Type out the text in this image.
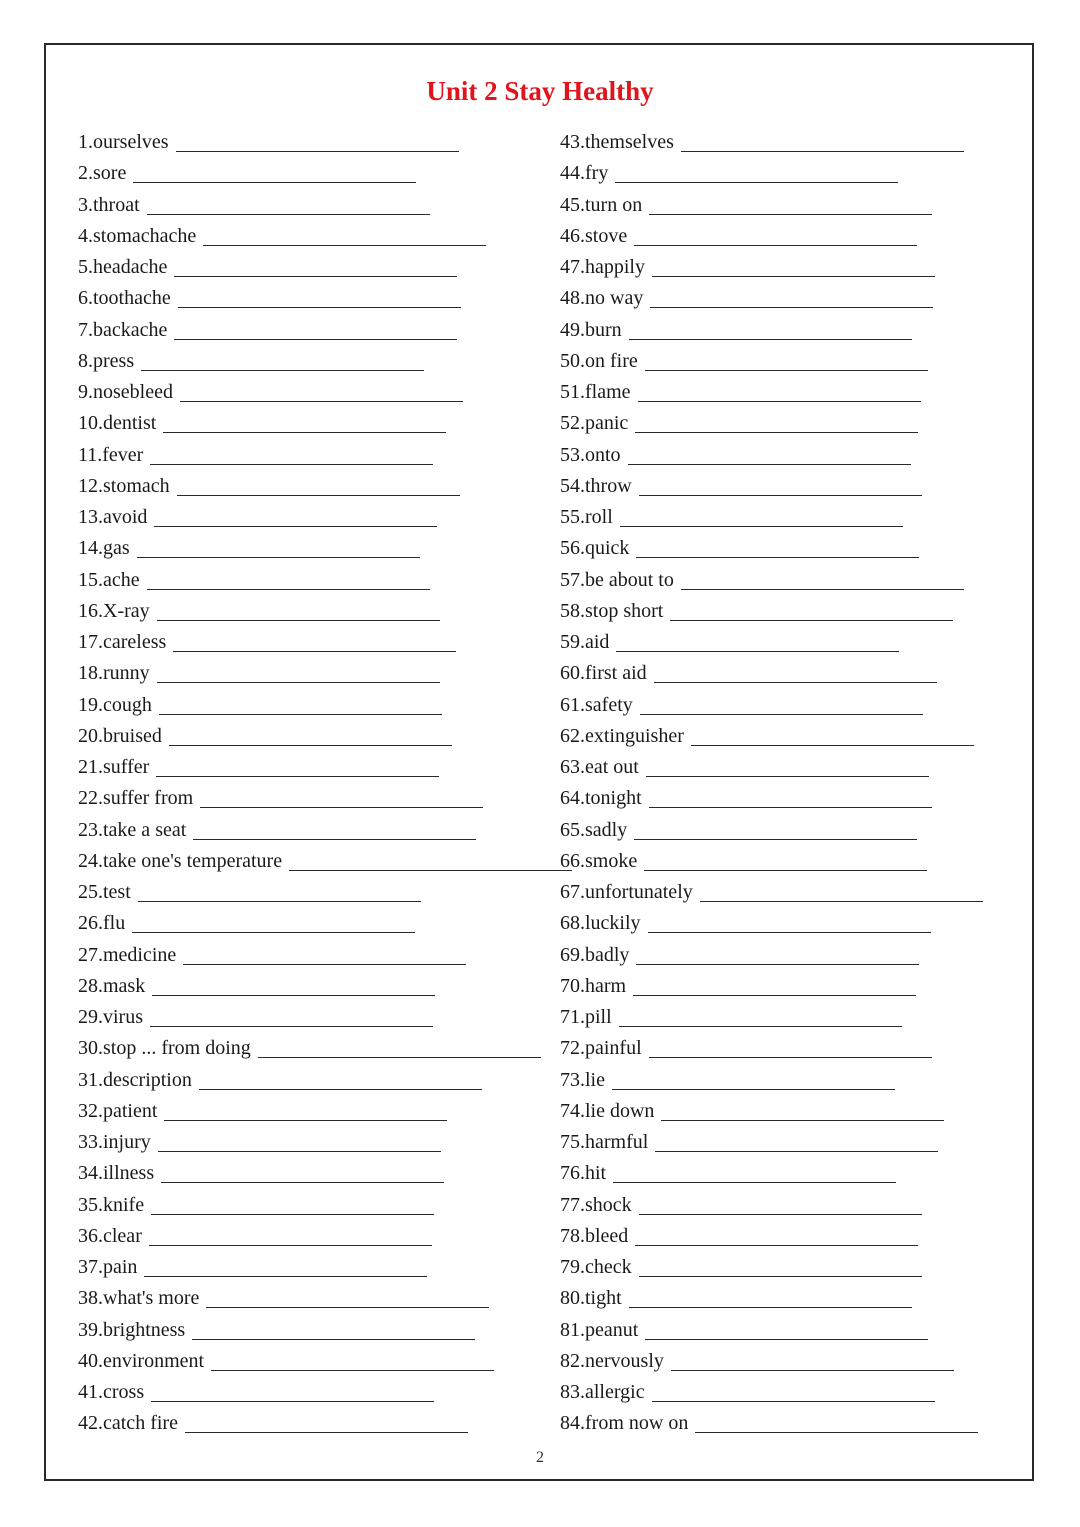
Unit 2 Stay Healthy
1.ourselves
2.sore
3.throat
4.stomachache
5.headache
6.toothache
7.backache
8.press
9.nosebleed
10.dentist
11.fever
12.stomach
13.avoid
14.gas
15.ache
16.X-ray
17.careless
18.runny
19.cough
20.bruised
21.suffer
22.suffer from
23.take a seat
24.take one's temperature
25.test
26.flu
27.medicine
28.mask
29.virus
30.stop ... from doing
31.description
32.patient
33.injury
34.illness
35.knife
36.clear
37.pain
38.what's more
39.brightness
40.environment
41.cross
42.catch fire
43.themselves
44.fry
45.turn on
46.stove
47.happily
48.no way
49.burn
50.on fire
51.flame
52.panic
53.onto
54.throw
55.roll
56.quick
57.be about to
58.stop short
59.aid
60.first aid
61.safety
62.extinguisher
63.eat out
64.tonight
65.sadly
66.smoke
67.unfortunately
68.luckily
69.badly
70.harm
71.pill
72.painful
73.lie
74.lie down
75.harmful
76.hit
77.shock
78.bleed
79.check
80.tight
81.peanut
82.nervously
83.allergic
84.from now on
2
